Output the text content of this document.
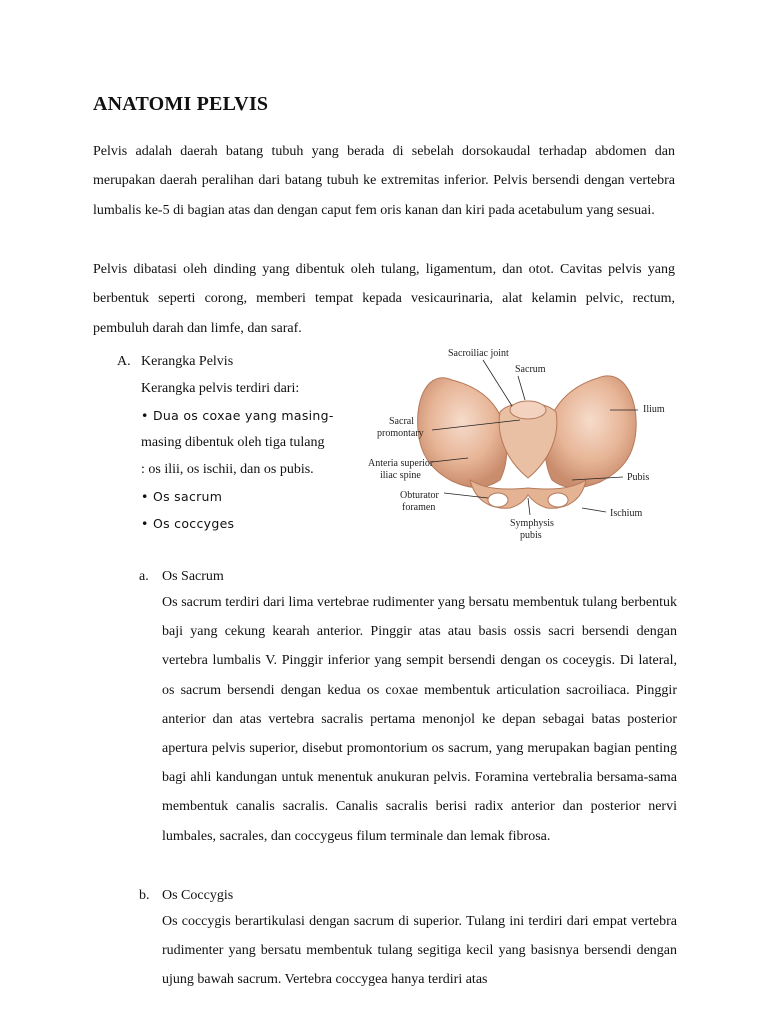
ANATOMI PELVIS

Pelvis adalah daerah batang tubuh yang berada di sebelah dorsokaudal terhadap abdomen dan merupakan daerah peralihan dari batang tubuh ke extremitas inferior. Pelvis bersendi dengan vertebra lumbalis ke-5 di bagian atas dan dengan caput fem oris kanan dan kiri pada acetabulum yang sesuai.

Pelvis dibatasi oleh dinding yang dibentuk oleh tulang, ligamentum, dan otot. Cavitas pelvis yang berbentuk seperti corong, memberi tempat kepada vesicaurinaria, alat kelamin pelvic, rectum, pembuluh darah dan limfe, dan saraf.

A. Kerangka Pelvis
Kerangka pelvis terdiri dari:
• Dua os coxae yang masing-
masing dibentuk oleh tiga tulang
: os ilii, os ischii, dan os pubis.
• Os sacrum
• Os coccyges
Sacroiliac joint
Sacrum
Ilium
Sacral
promontary
Anteria superior
iliac spine	Pubis
Obturator
foramen
Ischium
Symphysis
pubis
a. Os Sacrum

Os sacrum terdiri dari lima vertebrae rudimenter yang bersatu membentuk tulang berbentuk baji yang cekung kearah anterior. Pinggir atas atau basis ossis sacri bersendi dengan vertebra lumbalis V. Pinggir inferior yang sempit bersendi dengan os coceygis. Di lateral, os sacrum bersendi dengan kedua os coxae membentuk articulation sacroiliaca. Pinggir anterior dan atas vertebra sacralis pertama menonjol ke depan sebagai batas posterior apertura pelvis superior, disebut promontorium os sacrum, yang merupakan bagian penting bagi ahli kandungan untuk menentuk anukuran pelvis. Foramina vertebralia bersama-sama membentuk canalis sacralis. Canalis sacralis berisi radix anterior dan posterior nervi lumbales, sacrales, dan coccygeus filum terminale dan lemak fibrosa.

b. Os Coccygis

Os coccygis berartikulasi dengan sacrum di superior. Tulang ini terdiri dari empat vertebra rudimenter yang bersatu membentuk tulang segitiga kecil yang basisnya bersendi dengan ujung bawah sacrum. Vertebra coccygea hanya terdiri atas
